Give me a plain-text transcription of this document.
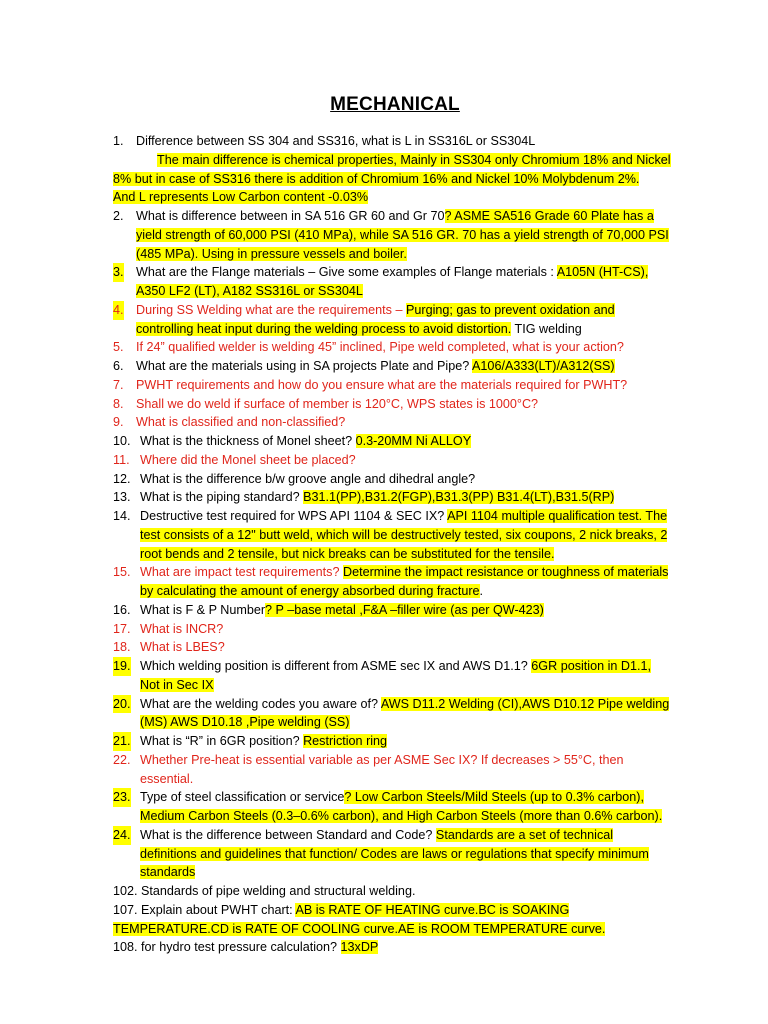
MECHANICAL
1. Difference between SS 304 and SS316, what is L in SS316L or SS304L
The main difference is chemical properties, Mainly in SS304 only Chromium 18% and Nickel 8% but in case of SS316 there is addition of Chromium 16% and Nickel 10% Molybdenum 2%.
And L represents Low Carbon content -0.03%
2. What is difference between in SA 516 GR 60 and Gr 70? ASME SA516 Grade 60 Plate has a yield strength of 60,000 PSI (410 MPa), while SA 516 GR. 70 has a yield strength of 70,000 PSI (485 MPa). Using in pressure vessels and boiler.
3. What are the Flange materials – Give some examples of Flange materials : A105N (HT-CS), A350 LF2 (LT), A182 SS316L or SS304L
4. During SS Welding what are the requirements – Purging; gas to prevent oxidation and controlling heat input during the welding process to avoid distortion. TIG welding
5. If 24” qualified welder is welding 45” inclined, Pipe weld completed, what is your action?
6. What are the materials using in SA projects Plate and Pipe? A106/A333(LT)/A312(SS)
7. PWHT requirements and how do you ensure what are the materials required for PWHT?
8. Shall we do weld if surface of member is 120°C, WPS states is 1000°C?
9. What is classified and non-classified?
10. What is the thickness of Monel sheet? 0.3-20MM Ni ALLOY
11. Where did the Monel sheet be placed?
12. What is the difference b/w groove angle and dihedral angle?
13. What is the piping standard? B31.1(PP),B31.2(FGP),B31.3(PP) B31.4(LT),B31.5(RP)
14. Destructive test required for WPS API 1104 & SEC IX? API 1104 multiple qualification test. The test consists of a 12" butt weld, which will be destructively tested, six coupons, 2 nick breaks, 2 root bends and 2 tensile, but nick breaks can be substituted for the tensile.
15. What are impact test requirements? Determine the impact resistance or toughness of materials by calculating the amount of energy absorbed during fracture.
16. What is F & P Number? P –base metal ,F&A –filler wire (as per QW-423)
17. What is INCR?
18. What is LBES?
19. Which welding position is different from ASME sec IX and AWS D1.1? 6GR position in D1.1, Not in Sec IX
20. What are the welding codes you aware of? AWS D11.2 Welding (CI),AWS D10.12 Pipe welding (MS) AWS D10.18 ,Pipe welding (SS)
21. What is “R” in 6GR position? Restriction ring
22. Whether Pre-heat is essential variable as per ASME Sec IX? If decreases > 55°C, then essential.
23. Type of steel classification or service? Low Carbon Steels/Mild Steels (up to 0.3% carbon), Medium Carbon Steels (0.3–0.6% carbon), and High Carbon Steels (more than 0.6% carbon).
24. What is the difference between Standard and Code? Standards are a set of technical definitions and guidelines that function/ Codes are laws or regulations that specify minimum standards
102. Standards of pipe welding and structural welding.
107. Explain about PWHT chart: AB is RATE OF HEATING curve.BC is SOAKING TEMPERATURE.CD is RATE OF COOLING curve.AE is ROOM TEMPERATURE curve.
108. for hydro test pressure calculation? 13xDP
